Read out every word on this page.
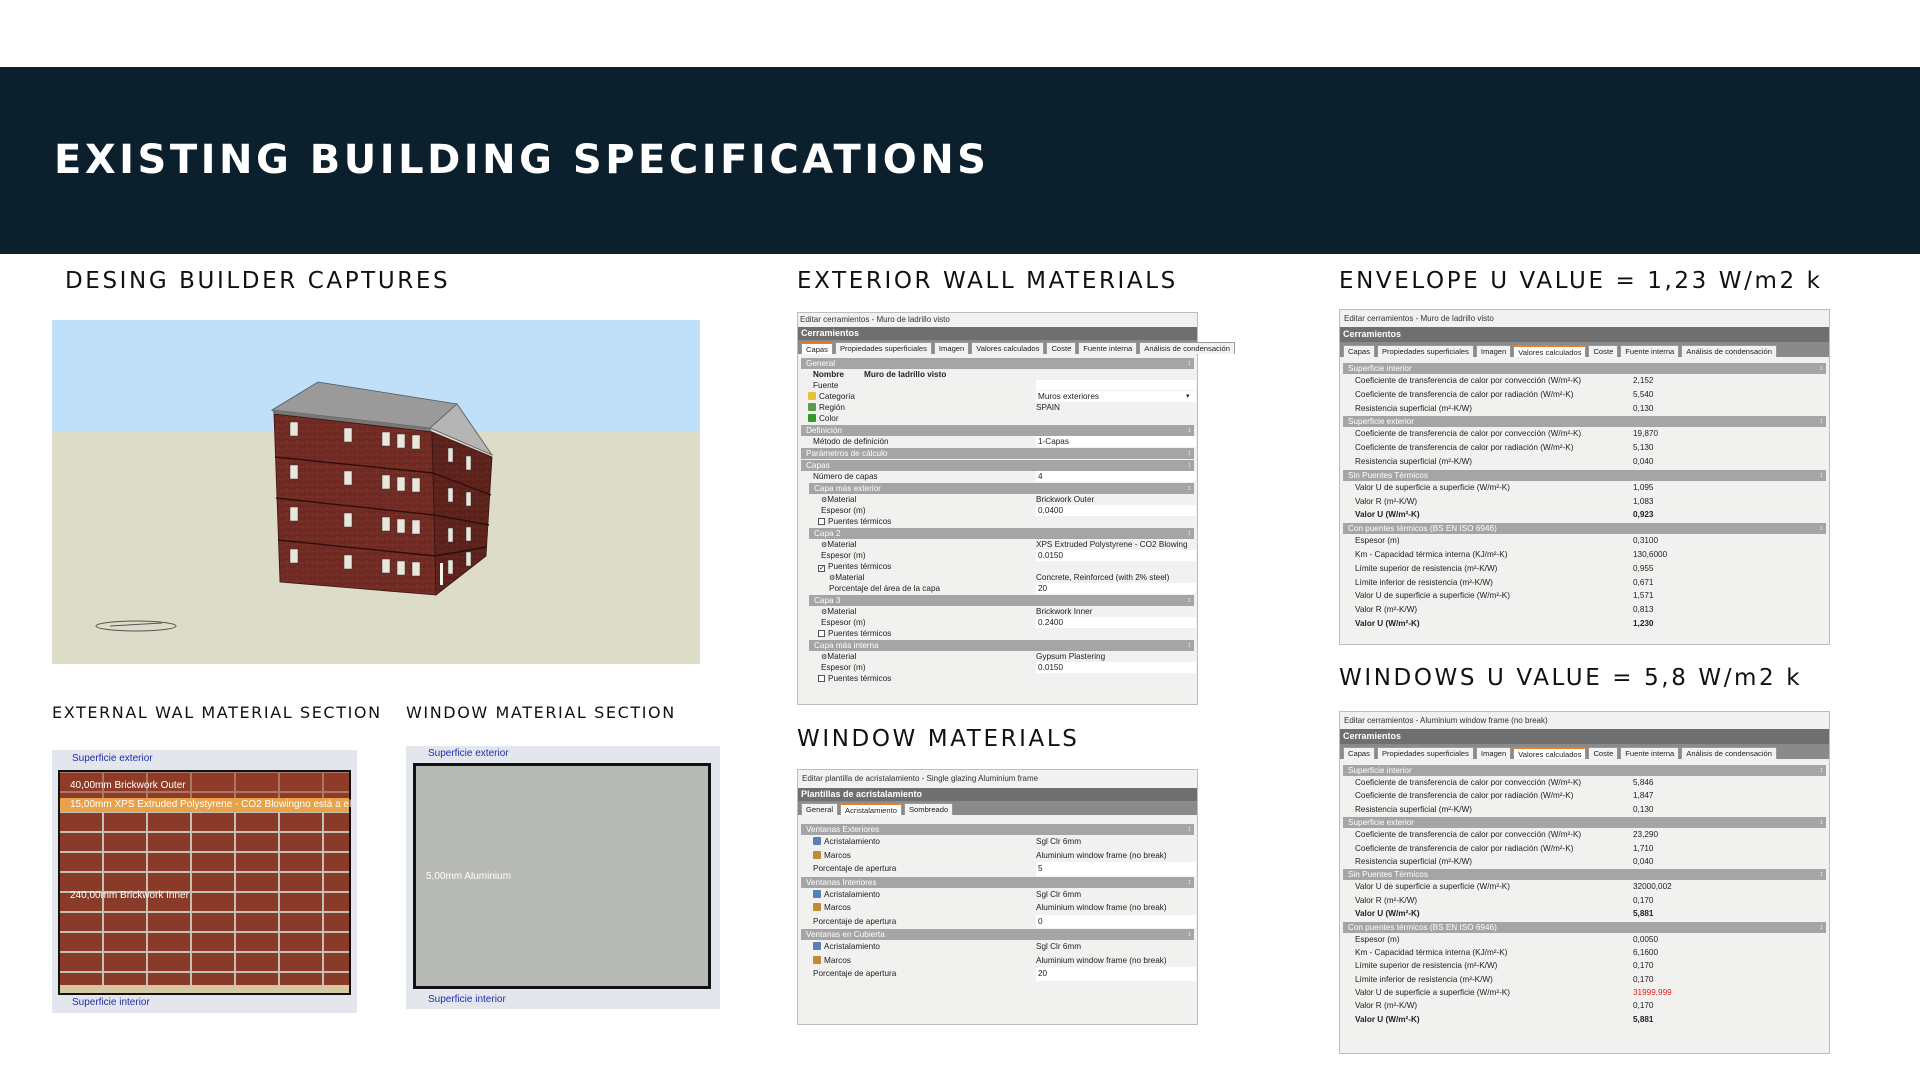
EXISTING BUILDING SPECIFICATIONS
DESING BUILDER CAPTURES	EXTERIOR WALL MATERIALS	ENVELOPE U VALUE = 1,23 W/m2 k
WINDOWS U VALUE = 5,8 W/m2 k
WINDOW MATERIALS
EXTERNAL WAL MATERIAL SECTION WINDOW MATERIAL SECTION
Superficie exterior
40,00mm Brickwork Outer
15,00mm XPS Extruded Polystyrene - CO2 Blowingno está a el
240,00mm Brickwork Inner
Superficie interior
Superficie exterior
5,00mm Aluminium
Superficie interior
Editar cerramientos - Muro de ladrillo visto
Cerramientos
Capas	Propiedades superficiales	Imagen	Valores calculados	Coste	Fuente interna	Análisis de condensación
General ↕
Nombre	Muro de ladrillo visto
Fuente
Categoría	Muros exteriores	▾
Región	SPAIN
Color
Definición ↕
Método de definición	1-Capas
Parámetros de cálculo ↕
Capas ↕
Número de capas	4
Capa más exterior ↕
⚙Material	Brickwork Outer
Espesor (m)	0.0400
Puentes térmicos
Capa 2 ↕
⚙Material	XPS Extruded Polystyrene - CO2 Blowing
Espesor (m)	0.0150
✓ Puentes térmicos
⚙Material	Concrete, Reinforced (with 2% steel)
Porcentaje del área de la capa	20
Capa 3 ↕
⚙Material	Brickwork Inner
Espesor (m)	0.2400
Puentes térmicos
Capa más interna ↕
⚙Material	Gypsum Plastering
Espesor (m)	0.0150
Puentes térmicos
Editar plantilla de acristalamiento - Single glazing Aluminium frame
Plantillas de acristalamiento
General	Acristalamiento	Sombreado
Ventanas Exteriores ↕
Acristalamiento	Sgl Clr 6mm
Marcos	Aluminium window frame (no break)
Porcentaje de apertura	5
Ventanas Interiores ↕
Acristalamiento	Sgl Clr 6mm
Marcos	Aluminium window frame (no break)
Porcentaje de apertura	0
Ventanas en Cubierta ↕
Acristalamiento	Sgl Clr 6mm
Marcos	Aluminium window frame (no break)
Porcentaje de apertura	20
Editar cerramientos - Muro de ladrillo visto
Cerramientos
Capas	Propiedades superficiales	Imagen	Valores calculados	Coste	Fuente interna	Análisis de condensación
Superficie interior ↕
Coeficiente de transferencia de calor por convección (W/m²-K)	2,152
Coeficiente de transferencia de calor por radiación (W/m²-K)	5,540
Resistencia superficial (m²-K/W)	0,130
Superficie exterior ↕
Coeficiente de transferencia de calor por convección (W/m²-K)	19,870
Coeficiente de transferencia de calor por radiación (W/m²-K)	5,130
Resistencia superficial (m²-K/W)	0,040
Sin Puentes Térmicos ↕
Valor U de superficie a superficie (W/m²-K)	1,095
Valor R (m²-K/W)	1,083
Valor U (W/m²-K)	0,923
Con puentes térmicos (BS EN ISO 6946) ↕
Espesor (m)	0,3100
Km - Capacidad térmica interna (KJ/m²-K)	130,6000
Límite superior de resistencia (m²-K/W)	0,955
Límite inferior de resistencia (m²-K/W)	0,671
Valor U de superficie a superficie (W/m²-K)	1,571
Valor R (m²-K/W)	0,813
Valor U (W/m²-K)	1,230
Editar cerramientos - Aluminium window frame (no break)
Cerramientos
Capas	Propiedades superficiales	Imagen	Valores calculados	Coste	Fuente interna	Análisis de condensación
Superficie interior ↕
Coeficiente de transferencia de calor por convección (W/m²-K)	5,846
Coeficiente de transferencia de calor por radiación (W/m²-K)	1,847
Resistencia superficial (m²-K/W)	0,130
Superficie exterior ↕
Coeficiente de transferencia de calor por convección (W/m²-K)	23,290
Coeficiente de transferencia de calor por radiación (W/m²-K)	1,710
Resistencia superficial (m²-K/W)	0,040
Sin Puentes Térmicos ↕
Valor U de superficie a superficie (W/m²-K)	32000,002
Valor R (m²-K/W)	0,170
Valor U (W/m²-K)	5,881
Con puentes térmicos (BS EN ISO 6946) ↕
Espesor (m)	0,0050
Km - Capacidad térmica interna (KJ/m²-K)	6,1600
Límite superior de resistencia (m²-K/W)	0,170
Límite inferior de resistencia (m²-K/W)	0,170
Valor U de superficie a superficie (W/m²-K)	31999,999
Valor R (m²-K/W)	0,170
Valor U (W/m²-K)	5,881
